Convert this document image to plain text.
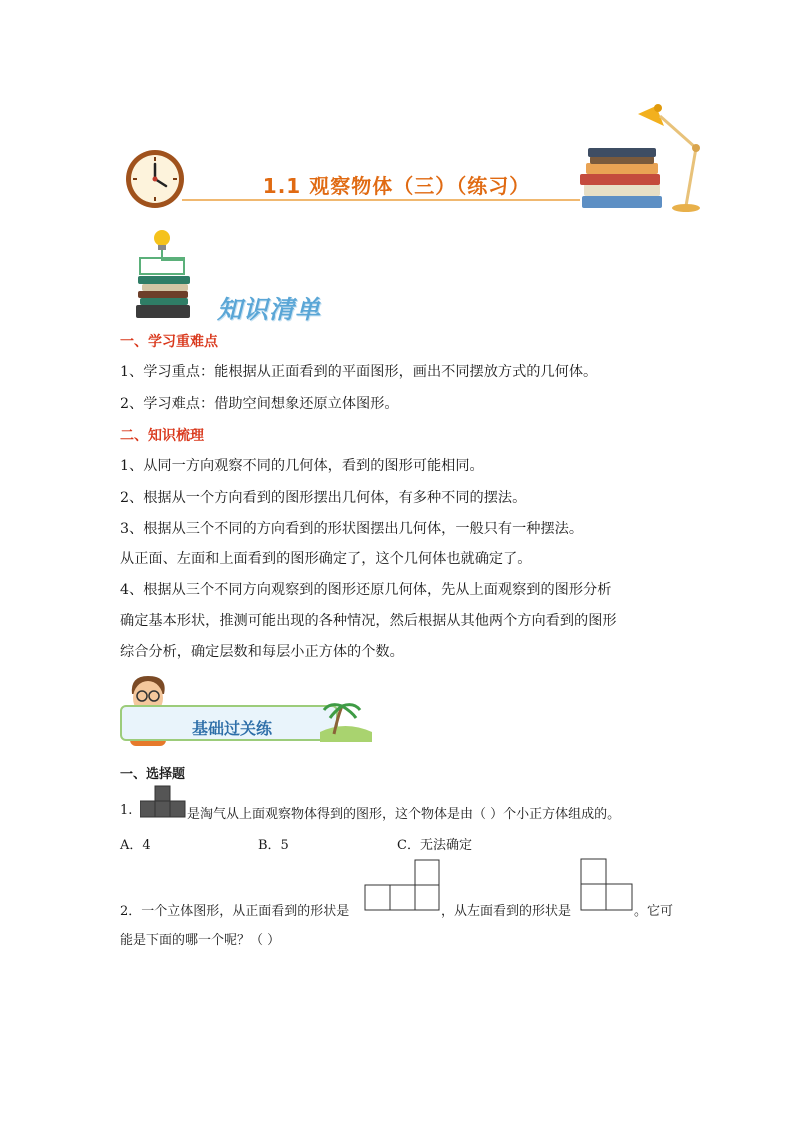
1.1 观察物体（三）（练习）
知识清单
一、学习重难点
1、学习重点：能根据从正面看到的平面图形，画出不同摆放方式的几何体。
2、学习难点：借助空间想象还原立体图形。
二、知识梳理
1、从同一方向观察不同的几何体，看到的图形可能相同。
2、根据从一个方向看到的图形摆出几何体，有多种不同的摆法。
3、根据从三个不同的方向看到的形状图摆出几何体，一般只有一种摆法。
从正面、左面和上面看到的图形确定了，这个几何体也就确定了。
4、根据从三个不同方向观察到的图形还原几何体，先从上面观察到的图形分析
确定基本形状，推测可能出现的各种情况，然后根据从其他两个方向看到的图形
综合分析，确定层数和每层小正方体的个数。
基础过关练
一、选择题
1.	是淘气从上面观察物体得到的图形，这个物体是由（ ）个小正方体组成的。
A．4	B．5	C．无法确定
2．一个立体图形，从正面看到的形状是	，从左面看到的形状是	。它可
能是下面的哪一个呢？（ ）
